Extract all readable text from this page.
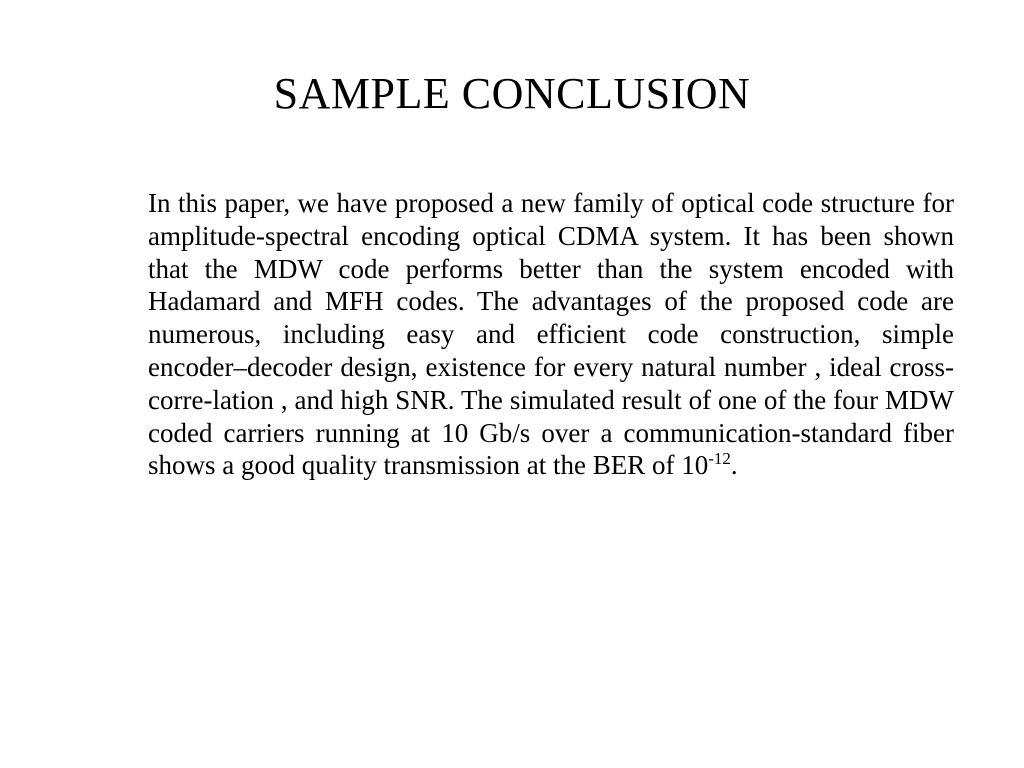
SAMPLE CONCLUSION

In this paper, we have proposed a new family of optical code structure for amplitude-spectral encoding optical CDMA system. It has been shown that the MDW code performs better than the system encoded with Hadamard and MFH codes. The advantages of the proposed code are numerous, including easy and efficient code construction, simple encoder–decoder design, existence for every natural number , ideal cross-corre-lation , and high SNR. The simulated result of one of the four MDW coded carriers running at 10 Gb/s over a communication-standard fiber shows a good quality transmission at the BER of $10^{-12}$.
